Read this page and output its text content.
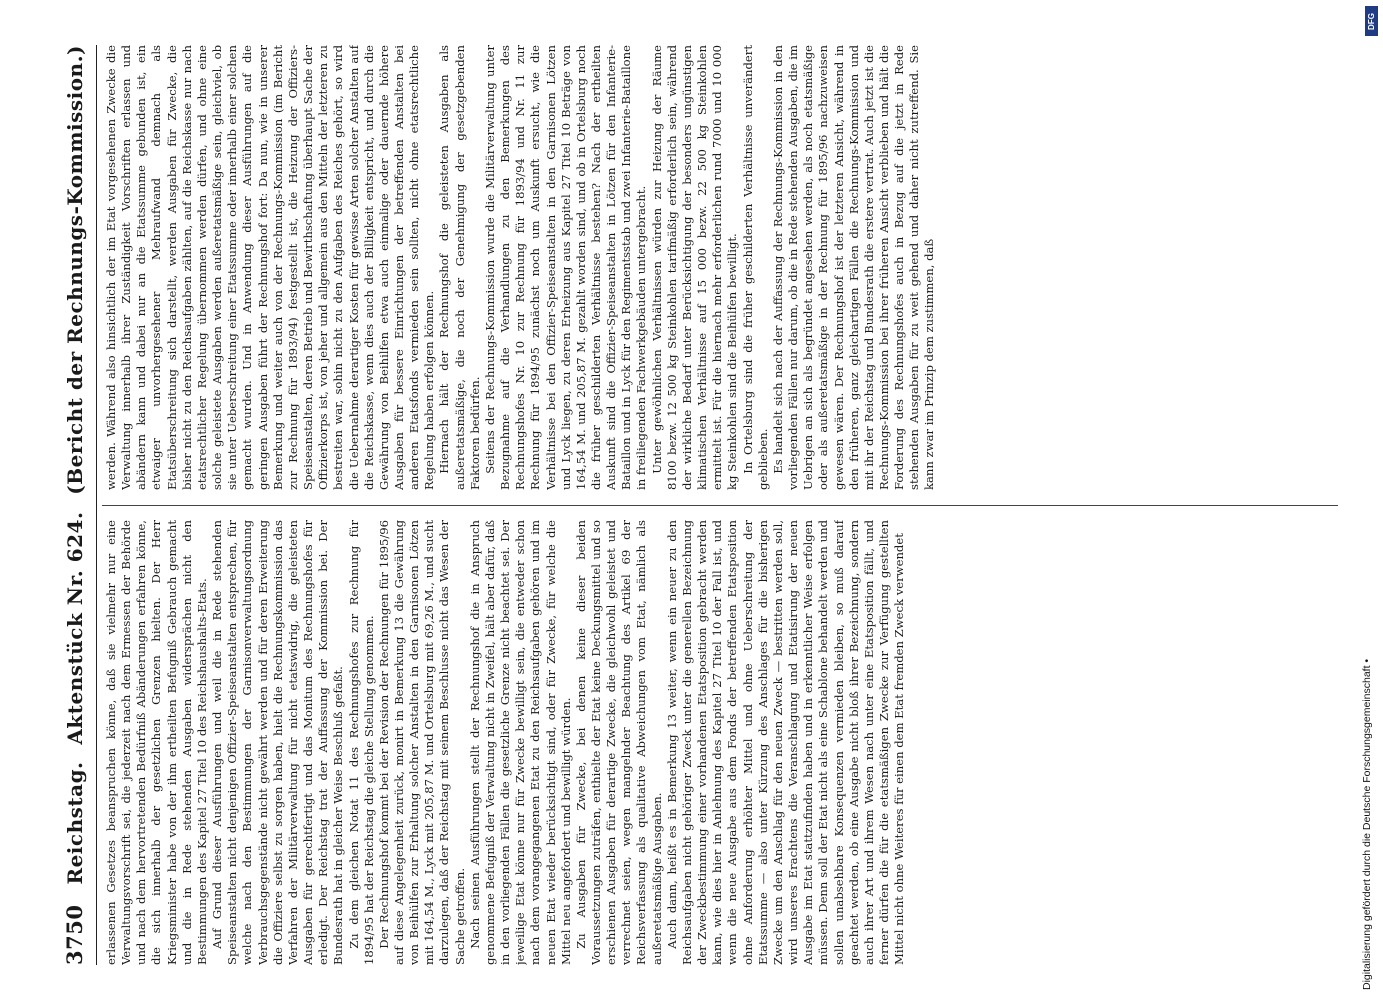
3750
Reichstag.
Aktenstück Nr. 624.
(Bericht der Rechnungs-Kommission.)

erlassenen Gesetzes beanspruchen könne, daß sie vielmehr nur eine Verwaltungsvorschrift sei, die jederzeit nach dem Ermessen der Behörde und nach dem hervortretenden Bedürfniß Abänderungen erfahren könne, die sich innerhalb der gesetzlichen Grenzen hielten. Der Herr Kriegsminister habe von der ihm ertheilten Befugniß Gebrauch gemacht und die in Rede stehenden Ausgaben widersprächen nicht den Bestimmungen des Kapitel 27 Titel 10 des Reichshaushalts-Etats. Auf Grund dieser Ausführungen und weil die in Rede stehenden Speiseanstalten nicht denjenigen Offizier-Speiseanstalten entsprechen, für welche nach den Bestimmungen der Garnisonverwaltungsordnung Verbrauchsgegenstände nicht gewährt werden und für deren Erweiterung die Offiziere selbst zu sorgen haben, hielt die Rechnungskommission das Verfahren der Militärverwaltung für nicht etatswidrig, die geleisteten Ausgaben für gerechtfertigt und das Monitum des Rechnungshofes für erledigt. Der Reichstag trat der Auffassung der Kommission bei. Der Bundesrath hat in gleicher Weise Beschluß gefaßt. Zu dem gleichen Notat 11 des Rechnungshofes zur Rechnung für 1894/95 hat der Reichstag die gleiche Stellung genommen. Der Rechnungshof kommt bei der Revision der Rechnungen für 1895/96 auf diese Angelegenheit zurück, monirt in Bemerkung 13 die Gewährung von Beihülfen zur Erhaltung solcher Anstalten in den Garnisonen Lötzen mit 164,54 M., Lyck mit 205,87 M. und Ortelsburg mit 69,26 M., und sucht darzulegen, daß der Reichstag mit seinem Beschlusse nicht das Wesen der Sache getroffen. Nach seinen Ausführungen stellt der Rechnungshof die in Anspruch genommene Befugniß der Verwaltung nicht in Zweifel, hält aber dafür, daß in den vorliegenden Fällen die gesetzliche Grenze nicht beachtet sei. Der jeweilige Etat könne nur für Zwecke bewilligt sein, die entweder schon nach dem vorangegangenen Etat zu den Reichsaufgaben gehören und im neuen Etat wieder berücksichtigt sind, oder für Zwecke, für welche die Mittel neu angefordert und bewilligt würden. Zu Ausgaben für Zwecke, bei denen keine dieser beiden Voraussetzungen zuträfen, enthielte der Etat keine Deckungsmittel und so erschienen Ausgaben für derartige Zwecke, die gleichwohl geleistet und verrechnet seien, wegen mangelnder Beachtung des Artikel 69 der Reichsverfassung als qualitative Abweichungen vom Etat, nämlich als außeretatsmäßige Ausgaben. Auch dann, heißt es in Bemerkung 13 weiter, wenn ein neuer zu den Reichsaufgaben nicht gehöriger Zweck unter die generellen Bezeichnung der Zweckbestimmung einer vorhandenen Etatsposition gebracht werden kann, wie dies hier in Anlehnung des Kapitel 27 Titel 10 der Fall ist, und wenn die neue Ausgabe aus dem Fonds der betreffenden Etatsposition ohne Anforderung erhöhter Mittel und ohne Ueberschreitung der Etatssumme — also unter Kürzung des Anschlages für die bisherigen Zwecke um den Anschlag für den neuen Zweck — bestritten werden soll, wird unseres Erachtens die Veranschlagung und Etatisirung der neuen Ausgabe im Etat stattzufinden haben und in erkenntlicher Weise erfolgen müssen. Denn soll der Etat nicht als eine Schablone behandelt werden und sollen unabsehbare Konsequenzen vermieden bleiben, so muß darauf geachtet werden, ob eine Ausgabe nicht bloß ihrer Bezeichnung, sondern auch ihrer Art und ihrem Wesen nach unter eine Etatsposition fällt, und ferner dürfen die für die etatsmäßigen Zwecke zur Verfügung gestellten Mittel nicht ohne Weiteres für einen dem Etat fremden Zweck verwendet

werden. Während also hinsichtlich der im Etat vorgesehenen Zwecke die Verwaltung innerhalb ihrer Zuständigkeit Vorschriften erlassen und abändern kann und dabei nur an die Etatssumme gebunden ist, ein etwaiger unvorhergesehener Mehraufwand demnach als Etatsüberschreitung sich darstellt, werden Ausgaben für Zwecke, die bisher nicht zu den Reichsaufgaben zählten, auf die Reichskasse nur nach etatsrechtlicher Regelung übernommen werden dürfen, und ohne eine solche geleistete Ausgaben werden außeretatsmäßige sein, gleichviel, ob sie unter Ueberschreitung einer Etatssumme oder innerhalb einer solchen gemacht wurden. Und in Anwendung dieser Ausführungen auf die geringen Ausgaben führt der Rechnungshof fort: Da nun, wie in unserer Bemerkung und weiter auch von der Rechnungs-Kommission (im Bericht zur Rechnung für 1893/94) festgestellt ist, die Heizung der Offiziers-Speiseanstalten, deren Betrieb und Bewirthschaftung überhaupt Sache der Offizierkorps ist, von jeher und allgemein aus den Mitteln der letzteren zu bestreiten war, sohin nicht zu den Aufgaben des Reiches gehört, so wird die Uebernahme derartiger Kosten für gewisse Arten solcher Anstalten auf die Reichskasse, wenn dies auch der Billigkeit entspricht, und durch die Gewährung von Beihilfen etwa auch einmalige oder dauernde höhere Ausgaben für bessere Einrichtungen der betreffenden Anstalten bei anderen Etatsfonds vermieden sein sollten, nicht ohne etatsrechtliche Regelung haben erfolgen können. Hiernach hält der Rechnungshof die geleisteten Ausgaben als außeretatsmäßige, die noch der Genehmigung der gesetzgebenden Faktoren bedürfen. Seitens der Rechnungs-Kommission wurde die Militärverwaltung unter Bezugnahme auf die Verhandlungen zu den Bemerkungen des Rechnungshofes Nr. 10 zur Rechnung für 1893/94 und Nr. 11 zur Rechnung für 1894/95 zunächst noch um Auskunft ersucht, wie die Verhältnisse bei den Offizier-Speiseanstalten in den Garnisonen Lötzen und Lyck liegen, zu deren Erheizung aus Kapitel 27 Titel 10 Beträge von 164,54 M. und 205,87 M. gezahlt worden sind, und ob in Ortelsburg noch die früher geschilderten Verhältnisse bestehen? Nach der ertheilten Auskunft sind die Offizier-Speiseanstalten in Lötzen für den Infanterie-Bataillon und in Lyck für den Regimentsstab und zwei Infanterie-Bataillone in freiliegenden Fachwerkgebäuden untergebracht. Unter gewöhnlichen Verhältnissen würden zur Heizung der Räume 8100 bezw. 12 500 kg Steinkohlen tarifmäßig erforderlich sein, während der wirkliche Bedarf unter Berücksichtigung der besonders ungünstigen klimatischen Verhältnisse auf 15 000 bezw. 22 500 kg Steinkohlen ermittelt ist. Für die hiernach mehr erforderlichen rund 7000 und 10 000 kg Steinkohlen sind die Beihülfen bewilligt. In Ortelsburg sind die früher geschilderten Verhältnisse unverändert geblieben. Es handelt sich nach der Auffassung der Rechnungs-Kommission in den vorliegenden Fällen nur darum, ob die in Rede stehenden Ausgaben, die im Uebrigen an sich als begründet angesehen werden, als noch etatsmäßige oder als außeretatsmäßige in der Rechnung für 1895/96 nachzuweisen gewesen wären. Der Rechnungshof ist der letzteren Ansicht, während in den früheren, ganz gleichartigen Fällen die Rechnungs-Kommission und mit ihr der Reichstag und Bundesrath die erstere vertrat. Auch jetzt ist die Rechnungs-Kommission bei ihrer früheren Ansicht verblieben und hält die Forderung des Rechnungshofes auch in Bezug auf die jetzt in Rede stehenden Ausgaben für zu weit gehend und daher nicht zutreffend. Sie kann zwar im Prinzip dem zustimmen, daß

DFG
Digitalisierung gefördert durch die Deutsche Forschungsgemeinschaft •
